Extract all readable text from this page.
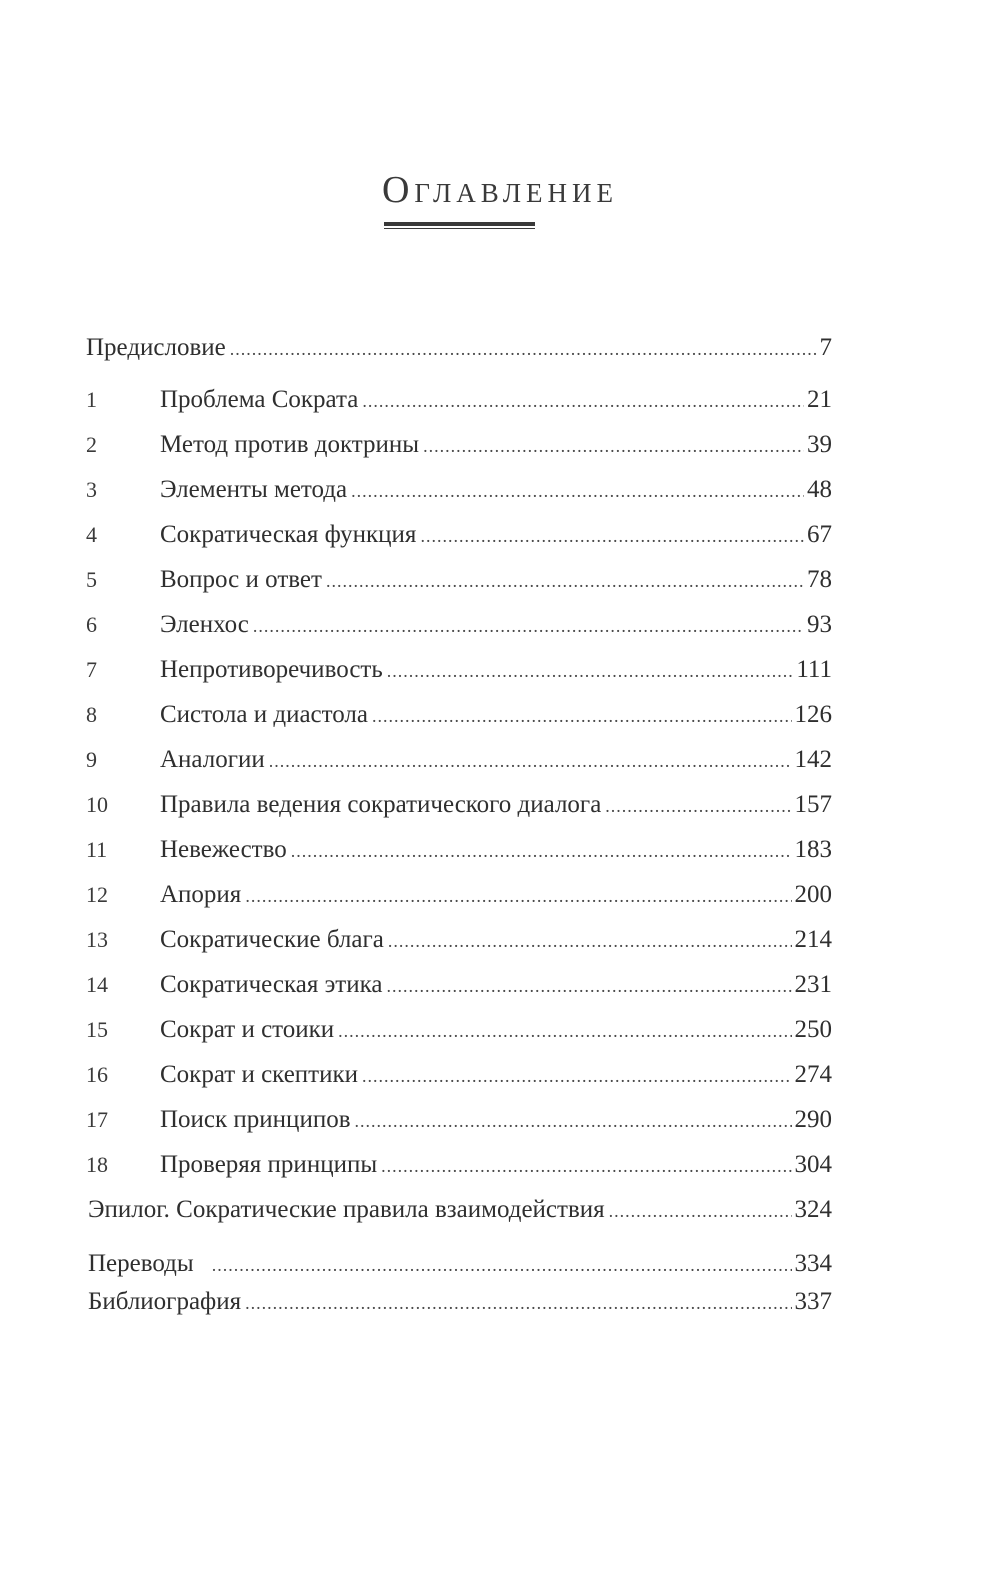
Оглавление
Предисловие .....	7
1	Проблема Сократа .....	21
2	Метод против доктрины .....	39
3	Элементы метода .....	48
4	Сократическая функция .....	67
5	Вопрос и ответ .....	78
6	Эленхос .....	93
7	Непротиворечивость .....	111
8	Систола и диастола .....	126
9	Аналогии .....	142
10	Правила ведения сократического диалога .....	157
11	Невежество .....	183
12	Апория .....	200
13	Сократические блага .....	214
14	Сократическая этика .....	231
15	Сократ и стоики .....	250
16	Сократ и скептики .....	274
17	Поиск принципов .....	290
18	Проверяя принципы .....	304
Эпилог. Сократические правила взаимодействия .....	324
Переводы .....	334
Библиография .....	337
